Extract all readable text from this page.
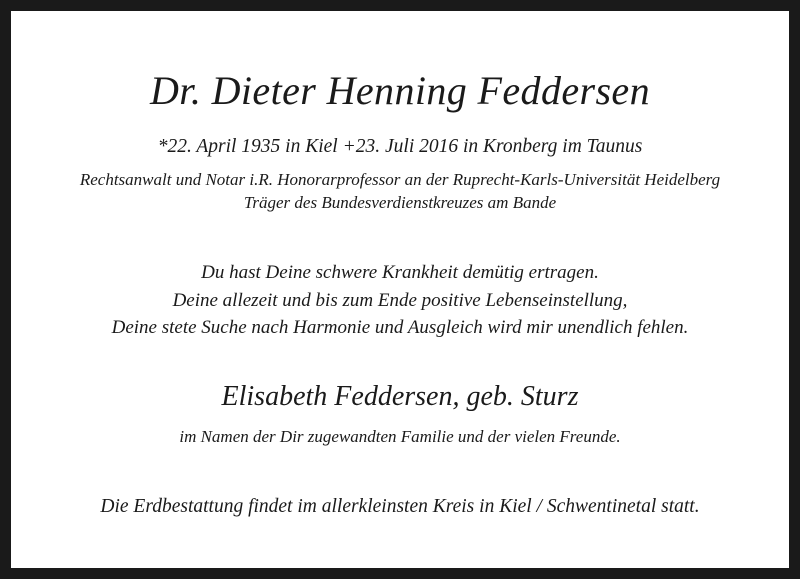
Dr. Dieter Henning Feddersen
*22. April 1935 in Kiel +23. Juli 2016 in Kronberg im Taunus
Rechtsanwalt und Notar i.R. Honorarprofessor an der Ruprecht-Karls-Universität Heidelberg
Träger des Bundesverdienstkreuzes am Bande
Du hast Deine schwere Krankheit demütig ertragen.
Deine allezeit und bis zum Ende positive Lebenseinstellung,
Deine stete Suche nach Harmonie und Ausgleich wird mir unendlich fehlen.
Elisabeth Feddersen, geb. Sturz
im Namen der Dir zugewandten Familie und der vielen Freunde.
Die Erdbestattung findet im allerkleinsten Kreis in Kiel / Schwentinetal statt.
